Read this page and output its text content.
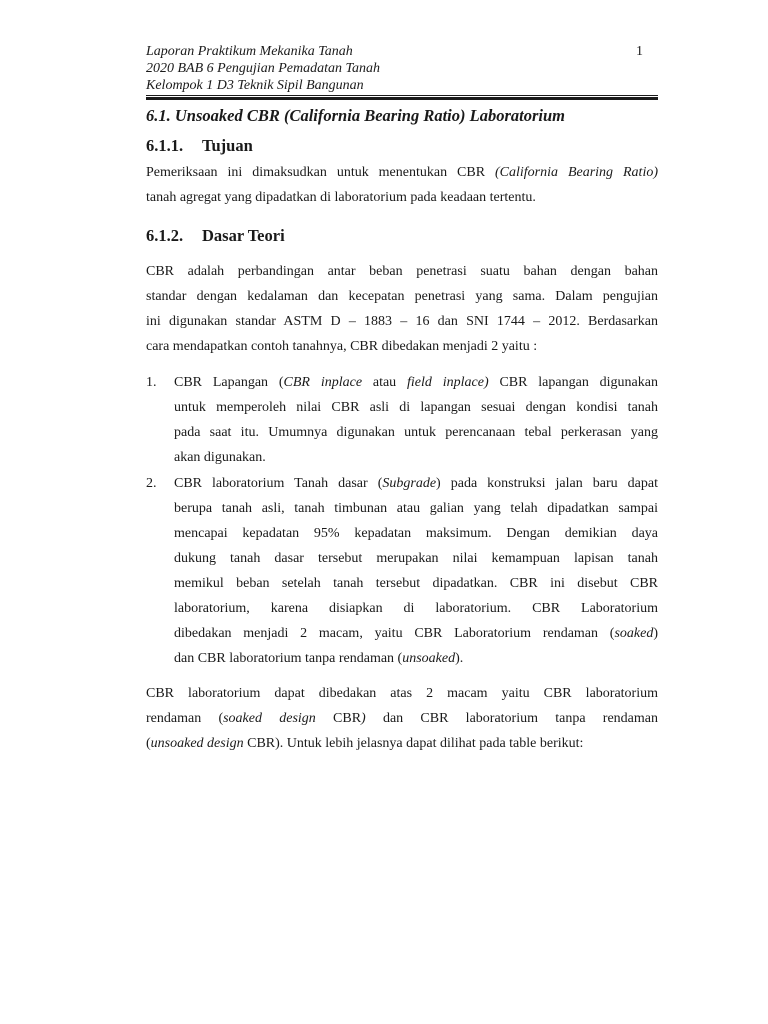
Laporan Praktikum Mekanika Tanah
2020 BAB 6 Pengujian Pemadatan Tanah
Kelompok 1 D3 Teknik Sipil Bangunan
1
6.1. Unsoaked CBR (California Bearing Ratio) Laboratorium
6.1.1. Tujuan
Pemeriksaan ini dimaksudkan untuk menentukan CBR (California Bearing Ratio)
tanah agregat yang dipadatkan di laboratorium pada keadaan tertentu.
6.1.2. Dasar Teori
CBR adalah perbandingan antar beban penetrasi suatu bahan dengan bahan
standar dengan kedalaman dan kecepatan penetrasi yang sama. Dalam pengujian
ini digunakan standar ASTM D – 1883 – 16 dan SNI 1744 – 2012. Berdasarkan
cara mendapatkan contoh tanahnya, CBR dibedakan menjadi 2 yaitu :
1. CBR Lapangan (CBR inplace atau field inplace) CBR lapangan digunakan
untuk memperoleh nilai CBR asli di lapangan sesuai dengan kondisi tanah
pada saat itu. Umumnya digunakan untuk perencanaan tebal perkerasan yang
akan digunakan.
2. CBR laboratorium Tanah dasar (Subgrade) pada konstruksi jalan baru dapat
berupa tanah asli, tanah timbunan atau galian yang telah dipadatkan sampai
mencapai kepadatan 95% kepadatan maksimum. Dengan demikian daya
dukung tanah dasar tersebut merupakan nilai kemampuan lapisan tanah
memikul beban setelah tanah tersebut dipadatkan. CBR ini disebut CBR
laboratorium, karena disiapkan di laboratorium. CBR Laboratorium
dibedakan menjadi 2 macam, yaitu CBR Laboratorium rendaman (soaked)
dan CBR laboratorium tanpa rendaman (unsoaked).
CBR laboratorium dapat dibedakan atas 2 macam yaitu CBR laboratorium
rendaman (soaked design CBR) dan CBR laboratorium tanpa rendaman
(unsoaked design CBR). Untuk lebih jelasnya dapat dilihat pada table berikut:
